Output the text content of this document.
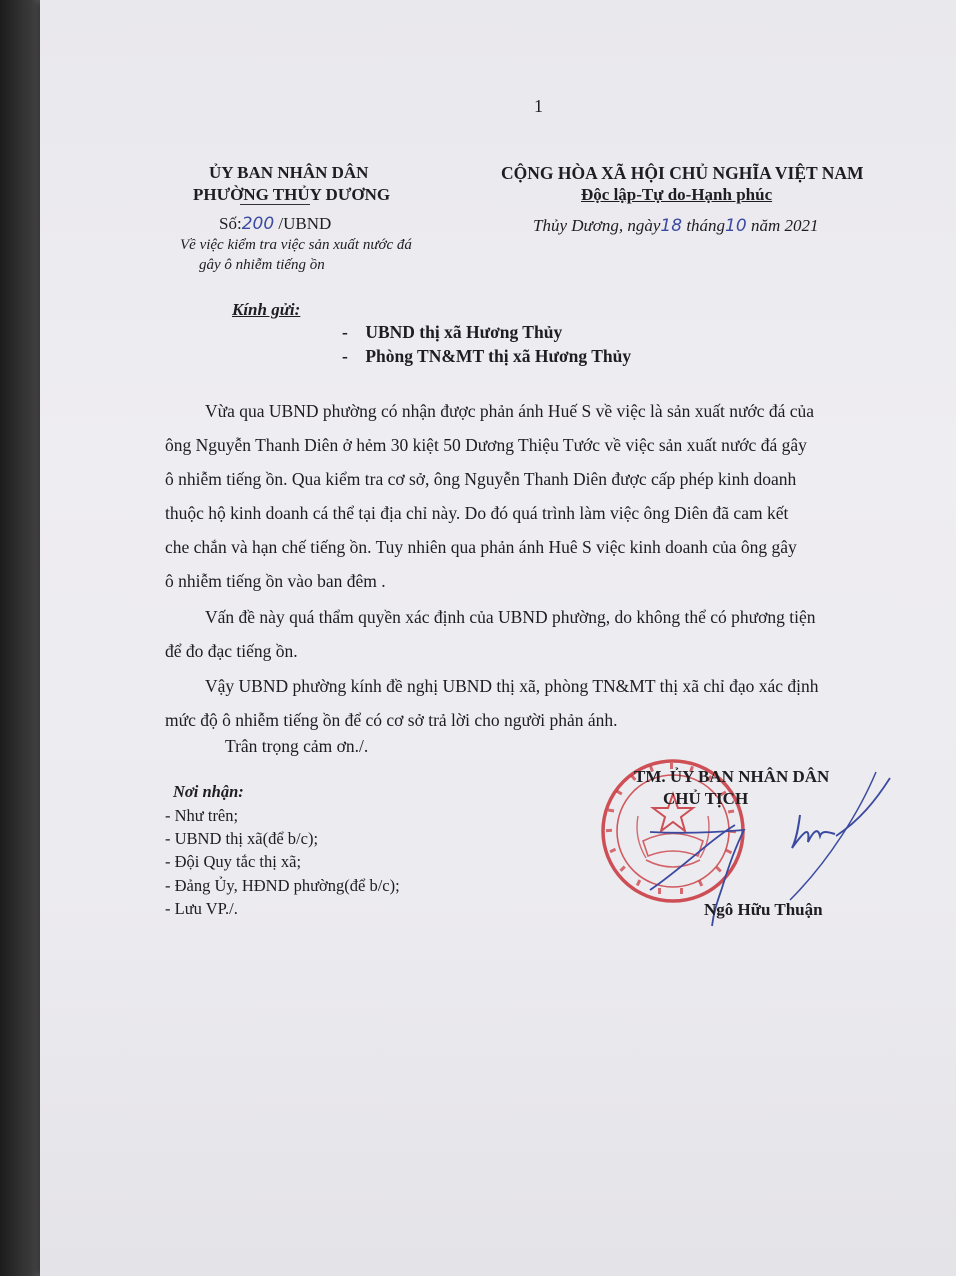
1
ỦY BAN NHÂN DÂN
PHƯỜNG THỦY DƯƠNG
Số:200 /UBND
Về việc kiểm tra việc sản xuất nước đá
gây ô nhiễm tiếng ồn
CỘNG HÒA XÃ HỘI CHỦ NGHĨA VIỆT NAM
Độc lập-Tự do-Hạnh phúc
Thủy Dương, ngày18 tháng10 năm 2021
Kính gửi:
-    UBND thị xã Hương Thủy
-    Phòng TN&MT thị xã Hương Thủy
Vừa qua UBND phường có nhận được phản ánh Huế S về việc là sản xuất nước đá của
ông Nguyễn Thanh Diên ở hẻm 30 kiệt 50 Dương Thiệu Tước về việc sản xuất nước đá gây
ô nhiễm tiếng ồn. Qua kiểm tra cơ sở, ông Nguyễn Thanh Diên được cấp phép kinh doanh
thuộc hộ kinh doanh cá thể tại địa chỉ này. Do đó quá trình làm việc ông Diên đã cam kết
che chắn và hạn chế tiếng ồn. Tuy nhiên qua phản ánh Huê S việc kinh doanh của ông gây
ô nhiễm tiếng ồn vào ban đêm .
Vấn đề này quá thẩm quyền xác định của UBND phường, do không thể có phương tiện
để đo đạc tiếng ồn.
Vậy UBND phường kính đề nghị UBND thị xã, phòng TN&MT thị xã chỉ đạo xác định
mức độ ô nhiễm tiếng ồn để có cơ sở trả lời cho người phản ánh.
Trân trọng cảm ơn./.
Nơi nhận:
- Như trên;
- UBND thị xã(để b/c);
- Đội Quy tắc thị xã;
- Đảng Ủy, HĐND phường(để b/c);
- Lưu VP./.
TM. ỦY BAN NHÂN DÂN
CHỦ TỊCH
Ngô Hữu Thuận
